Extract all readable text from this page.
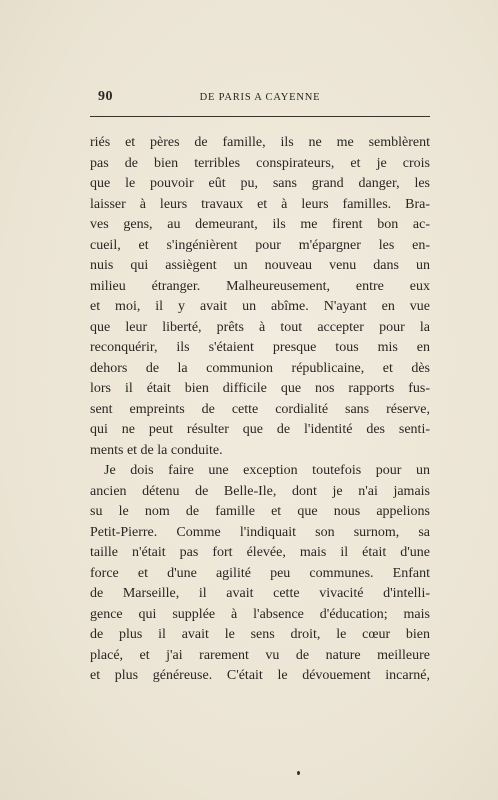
90	DE PARIS A CAYENNE
riés et pères de famille, ils ne me semblèrent
pas de bien terribles conspirateurs, et je crois
que le pouvoir eût pu, sans grand danger, les
laisser à leurs travaux et à leurs familles. Bra-
ves gens, au demeurant, ils me firent bon ac-
cueil, et s'ingénièrent pour m'épargner les en-
nuis qui assiègent un nouveau venu dans un
milieu étranger. Malheureusement, entre eux
et moi, il y avait un abîme. N'ayant en vue
que leur liberté, prêts à tout accepter pour la
reconquérir, ils s'étaient presque tous mis en
dehors de la communion républicaine, et dès
lors il était bien difficile que nos rapports fus-
sent empreints de cette cordialité sans réserve,
qui ne peut résulter que de l'identité des senti-
ments et de la conduite.
Je dois faire une exception toutefois pour un
ancien détenu de Belle-Ile, dont je n'ai jamais
su le nom de famille et que nous appelions
Petit-Pierre. Comme l'indiquait son surnom, sa
taille n'était pas fort élevée, mais il était d'une
force et d'une agilité peu communes. Enfant
de Marseille, il avait cette vivacité d'intelli-
gence qui supplée à l'absence d'éducation; mais
de plus il avait le sens droit, le cœur bien
placé, et j'ai rarement vu de nature meilleure
et plus généreuse. C'était le dévouement incarné,
